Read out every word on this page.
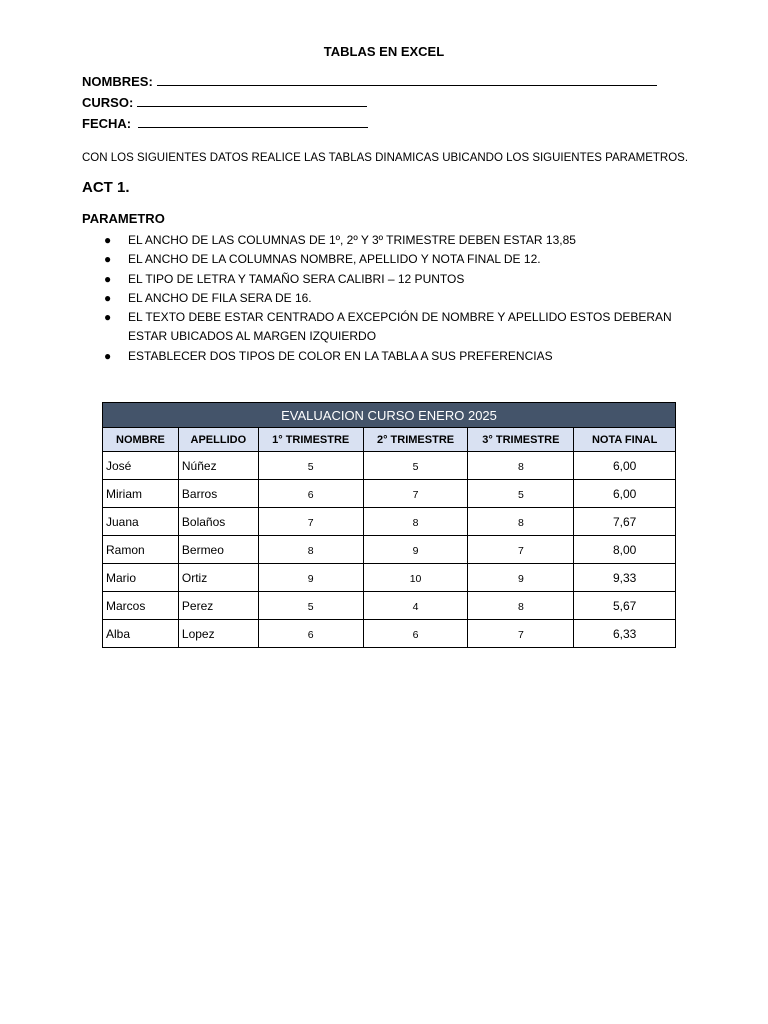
TABLAS EN EXCEL
NOMBRES:
CURSO:
FECHA:
CON LOS SIGUIENTES DATOS REALICE LAS TABLAS DINAMICAS UBICANDO LOS SIGUIENTES PARAMETROS.
ACT 1.
PARAMETRO
● EL ANCHO DE LAS COLUMNAS DE 1º, 2º Y 3º TRIMESTRE DEBEN ESTAR 13,85
● EL ANCHO DE LA COLUMNAS NOMBRE, APELLIDO Y NOTA FINAL DE 12.
● EL TIPO DE LETRA Y TAMAÑO SERA CALIBRI – 12 PUNTOS
● EL ANCHO DE FILA SERA DE 16.
● EL TEXTO DEBE ESTAR CENTRADO A EXCEPCIÓN DE NOMBRE Y APELLIDO ESTOS DEBERAN ESTAR UBICADOS AL MARGEN IZQUIERDO
● ESTABLECER DOS TIPOS DE COLOR EN LA TABLA A SUS PREFERENCIAS
EVALUACION CURSO ENERO 2025					
NOMBRE	APELLIDO	1° TRIMESTRE	2° TRIMESTRE	3° TRIMESTRE	NOTA FINAL
José	Núñez	5	5	8	6,00
Miriam	Barros	6	7	5	6,00
Juana	Bolaños	7	8	8	7,67
Ramon	Bermeo	8	9	7	8,00
Mario	Ortiz	9	10	9	9,33
Marcos	Perez	5	4	8	5,67
Alba	Lopez	6	6	7	6,33
